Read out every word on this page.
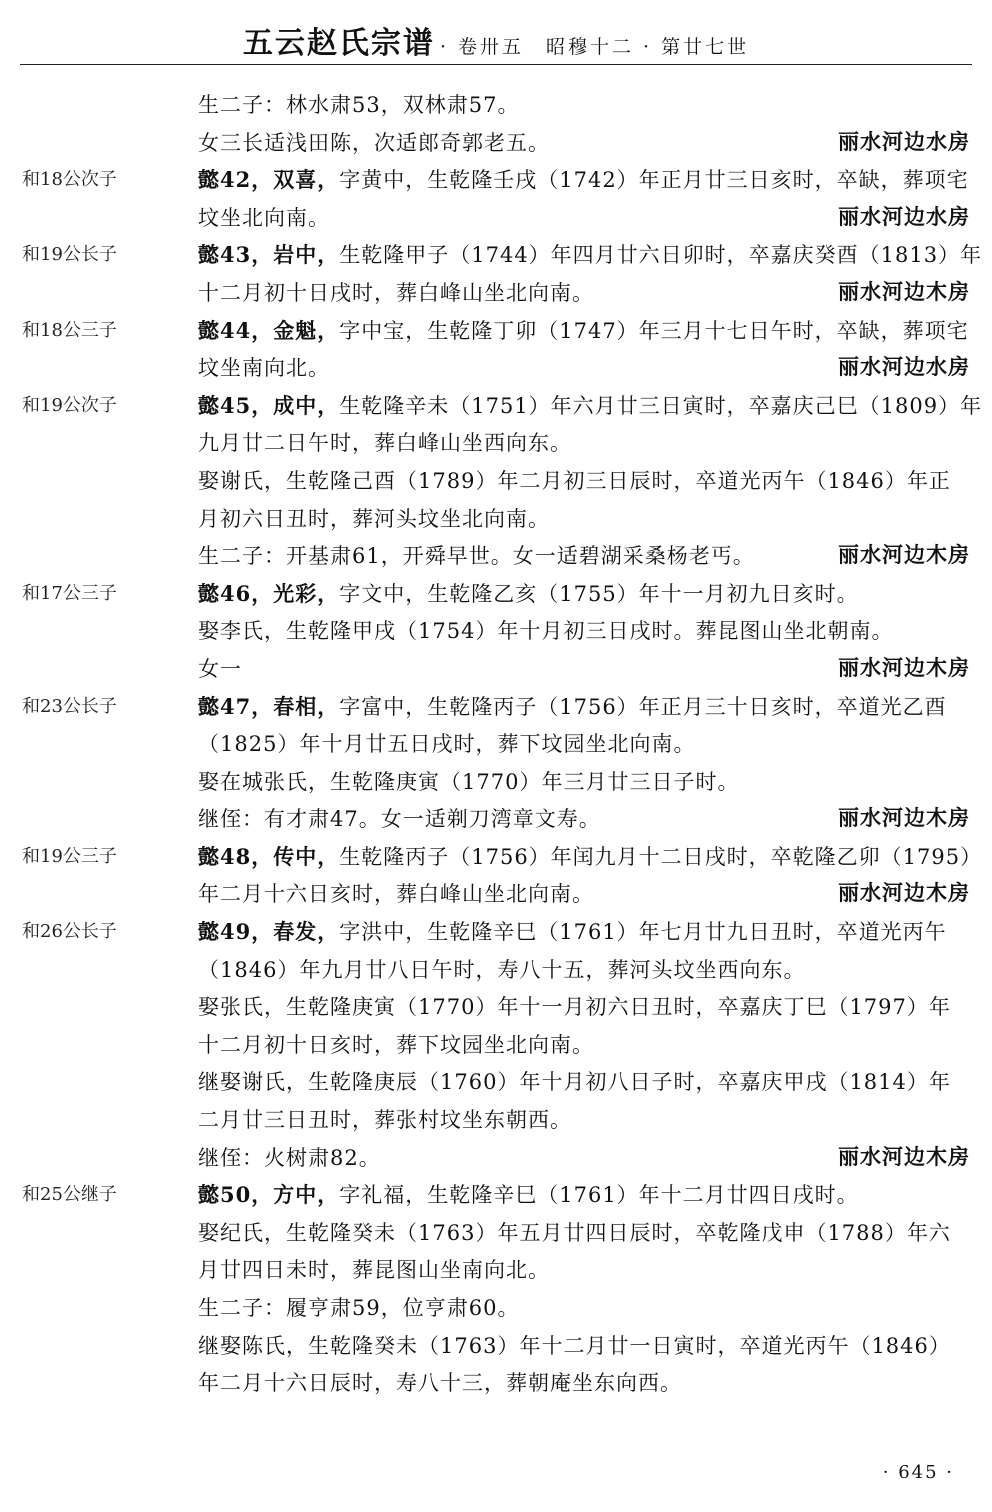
五云赵氏宗谱 · 卷卅五　昭穆十二 · 第廿七世
生二子：林水肃53，双林肃57。
女三长适浅田陈，次适郎奇郭老五。	丽水河边水房
和18公次子	懿42，双喜，字黄中，生乾隆壬戌（1742）年正月廿三日亥时，卒缺，葬项宅
坟坐北向南。	丽水河边水房
和19公长子	懿43，岩中，生乾隆甲子（1744）年四月廿六日卯时，卒嘉庆癸酉（1813）年
十二月初十日戌时，葬白峰山坐北向南。	丽水河边木房
和18公三子	懿44，金魁，字中宝，生乾隆丁卯（1747）年三月十七日午时，卒缺，葬项宅
坟坐南向北。	丽水河边水房
和19公次子	懿45，成中，生乾隆辛未（1751）年六月廿三日寅时，卒嘉庆己巳（1809）年
九月廿二日午时，葬白峰山坐西向东。
娶谢氏，生乾隆己酉（1789）年二月初三日辰时，卒道光丙午（1846）年正
月初六日丑时，葬河头坟坐北向南。
生二子：开基肃61，开舜早世。女一适碧湖采桑杨老丐。	丽水河边木房
和17公三子	懿46，光彩，字文中，生乾隆乙亥（1755）年十一月初九日亥时。
娶李氏，生乾隆甲戌（1754）年十月初三日戌时。葬昆图山坐北朝南。
女一	丽水河边木房
和23公长子	懿47，春相，字富中，生乾隆丙子（1756）年正月三十日亥时，卒道光乙酉
（1825）年十月廿五日戌时，葬下坟园坐北向南。
娶在城张氏，生乾隆庚寅（1770）年三月廿三日子时。
继侄：有才肃47。女一适剃刀湾章文寿。	丽水河边木房
和19公三子	懿48，传中，生乾隆丙子（1756）年闰九月十二日戌时，卒乾隆乙卯（1795）
年二月十六日亥时，葬白峰山坐北向南。	丽水河边木房
和26公长子	懿49，春发，字洪中，生乾隆辛巳（1761）年七月廿九日丑时，卒道光丙午
（1846）年九月廿八日午时，寿八十五，葬河头坟坐西向东。
娶张氏，生乾隆庚寅（1770）年十一月初六日丑时，卒嘉庆丁巳（1797）年
十二月初十日亥时，葬下坟园坐北向南。
继娶谢氏，生乾隆庚辰（1760）年十月初八日子时，卒嘉庆甲戌（1814）年
二月廿三日丑时，葬张村坟坐东朝西。
继侄：火树肃82。	丽水河边木房
和25公继子	懿50，方中，字礼福，生乾隆辛巳（1761）年十二月廿四日戌时。
娶纪氏，生乾隆癸未（1763）年五月廿四日辰时，卒乾隆戊申（1788）年六
月廿四日未时，葬昆图山坐南向北。
生二子：履亨肃59，位亨肃60。
继娶陈氏，生乾隆癸未（1763）年十二月廿一日寅时，卒道光丙午（1846）
年二月十六日辰时，寿八十三，葬朝庵坐东向西。
· 645 ·
